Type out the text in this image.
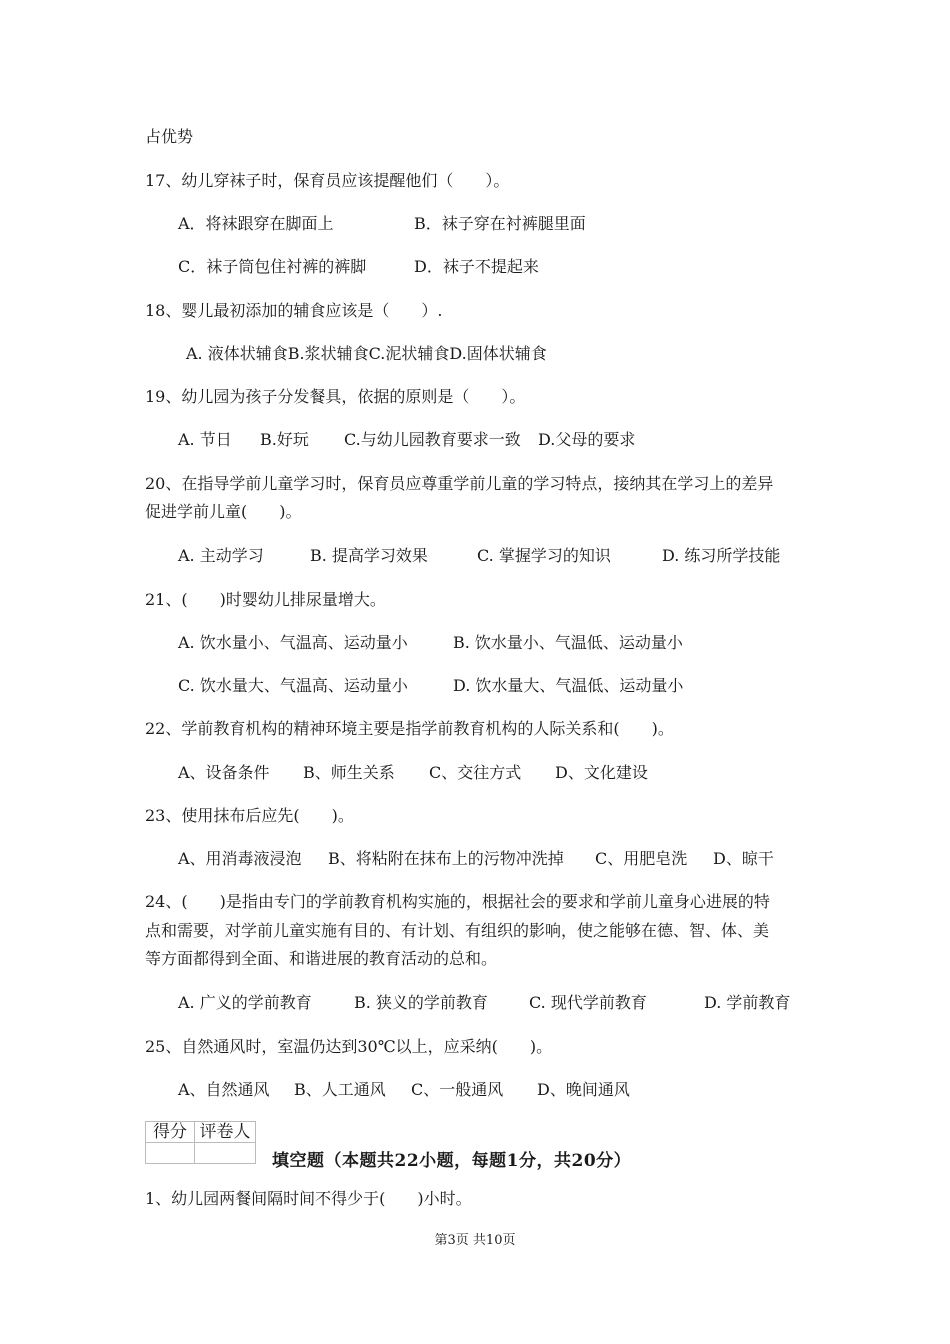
占优势
17、幼儿穿袜子时，保育员应该提醒他们（　　）。
A．将袜跟穿在脚面上	B．袜子穿在衬裤腿里面
C．袜子筒包住衬裤的裤脚	D．袜子不提起来
18、婴儿最初添加的辅食应该是（　　）.
A. 液体状辅食B.浆状辅食C.泥状辅食D.固体状辅食
19、幼儿园为孩子分发餐具，依据的原则是（　　）。
A. 节日 B.好玩 C.与幼儿园教育要求一致 D.父母的要求
20、在指导学前儿童学习时，保育员应尊重学前儿童的学习特点，接纳其在学习上的差异
促进学前儿童(　　)。
A. 主动学习	B. 提高学习效果	C. 掌握学习的知识	D. 练习所学技能
21、(　　)时婴幼儿排尿量增大。
A. 饮水量小、气温高、运动量小	B. 饮水量小、气温低、运动量小
C. 饮水量大、气温高、运动量小	D. 饮水量大、气温低、运动量小
22、学前教育机构的精神环境主要是指学前教育机构的人际关系和(　　)。
A、设备条件 B、师生关系 C、交往方式 D、文化建设
23、使用抹布后应先(　　)。
A、用消毒液浸泡 B、将粘附在抹布上的污物冲洗掉 C、用肥皂洗 D、晾干
24、(　　)是指由专门的学前教育机构实施的，根据社会的要求和学前儿童身心进展的特
点和需要，对学前儿童实施有目的、有计划、有组织的影响，使之能够在德、智、体、美
等方面都得到全面、和谐进展的教育活动的总和。
A. 广义的学前教育	B. 狭义的学前教育	C. 现代学前教育	D. 学前教育
25、自然通风时，室温仍达到30℃以上，应采纳(　　)。
A、自然通风 B、人工通风 C、一般通风 D、晚间通风
得分	评卷人

填空题（本题共22小题，每题1分，共20分）
1、幼儿园两餐间隔时间不得少于(　　)小时。
第3页 共10页
